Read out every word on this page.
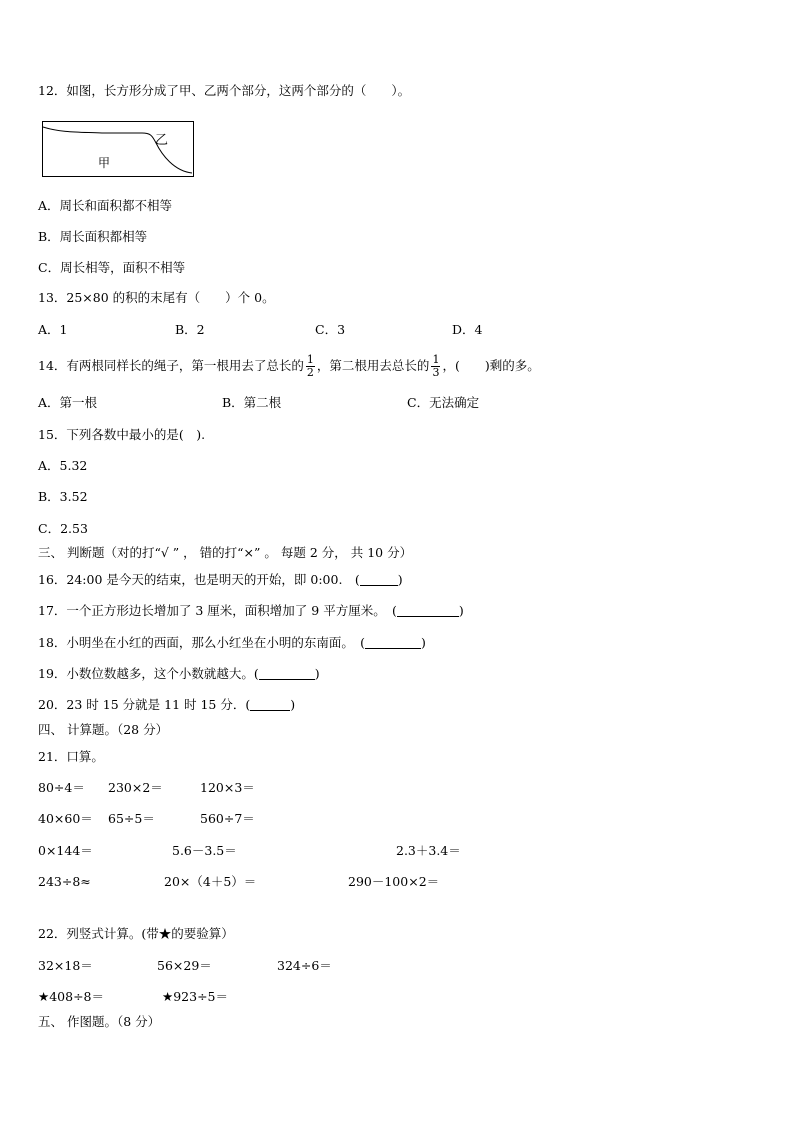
12．如图，长方形分成了甲、乙两个部分，这两个部分的（　　）。
乙
甲
A．周长和面积都不相等
B．周长面积都相等
C．周长相等，面积不相等
13．25×80 的积的末尾有（　　）个 0。
A．1	B．2	C．3	D．4
14．有两根同样长的绳子，第一根用去了总长的 $\frac{1}{2}$ ，第二根用去总长的 $\frac{1}{3}$ ，(　　)剩的多。
A．第一根	B．第二根	C．无法确定
15．下列各数中最小的是(　).
A．5.32
B．3.52
C．2.53
三、 判断题（对的打“√ ” ， 错的打“×” 。 每题 2 分， 共 10 分）
16．24:00 是今天的结束，也是明天的开始，即 0:00.　(	)
17．一个正方形边长增加了 3 厘米，面积增加了 9 平方厘米。　(	)
18．小明坐在小红的西面，那么小红坐在小明的东南面。　(	)
19．小数位数越多，这个小数就越大。(	)
20．23 时 15 分就是 11 时 15 分．(	)
四、 计算题。（28 分）
21．口算。
80÷4＝ 230×2＝	120×3＝
40×60＝ 65÷5＝	560÷7＝
0×144＝	5.6－3.5＝	2.3＋3.4＝
243÷8≈	20×（4＋5）＝	290－100×2＝
22．列竖式计算。(带★的要验算）
32×18＝	56×29＝	324÷6＝
★408÷8＝	★923÷5＝
五、 作图题。（8 分）
